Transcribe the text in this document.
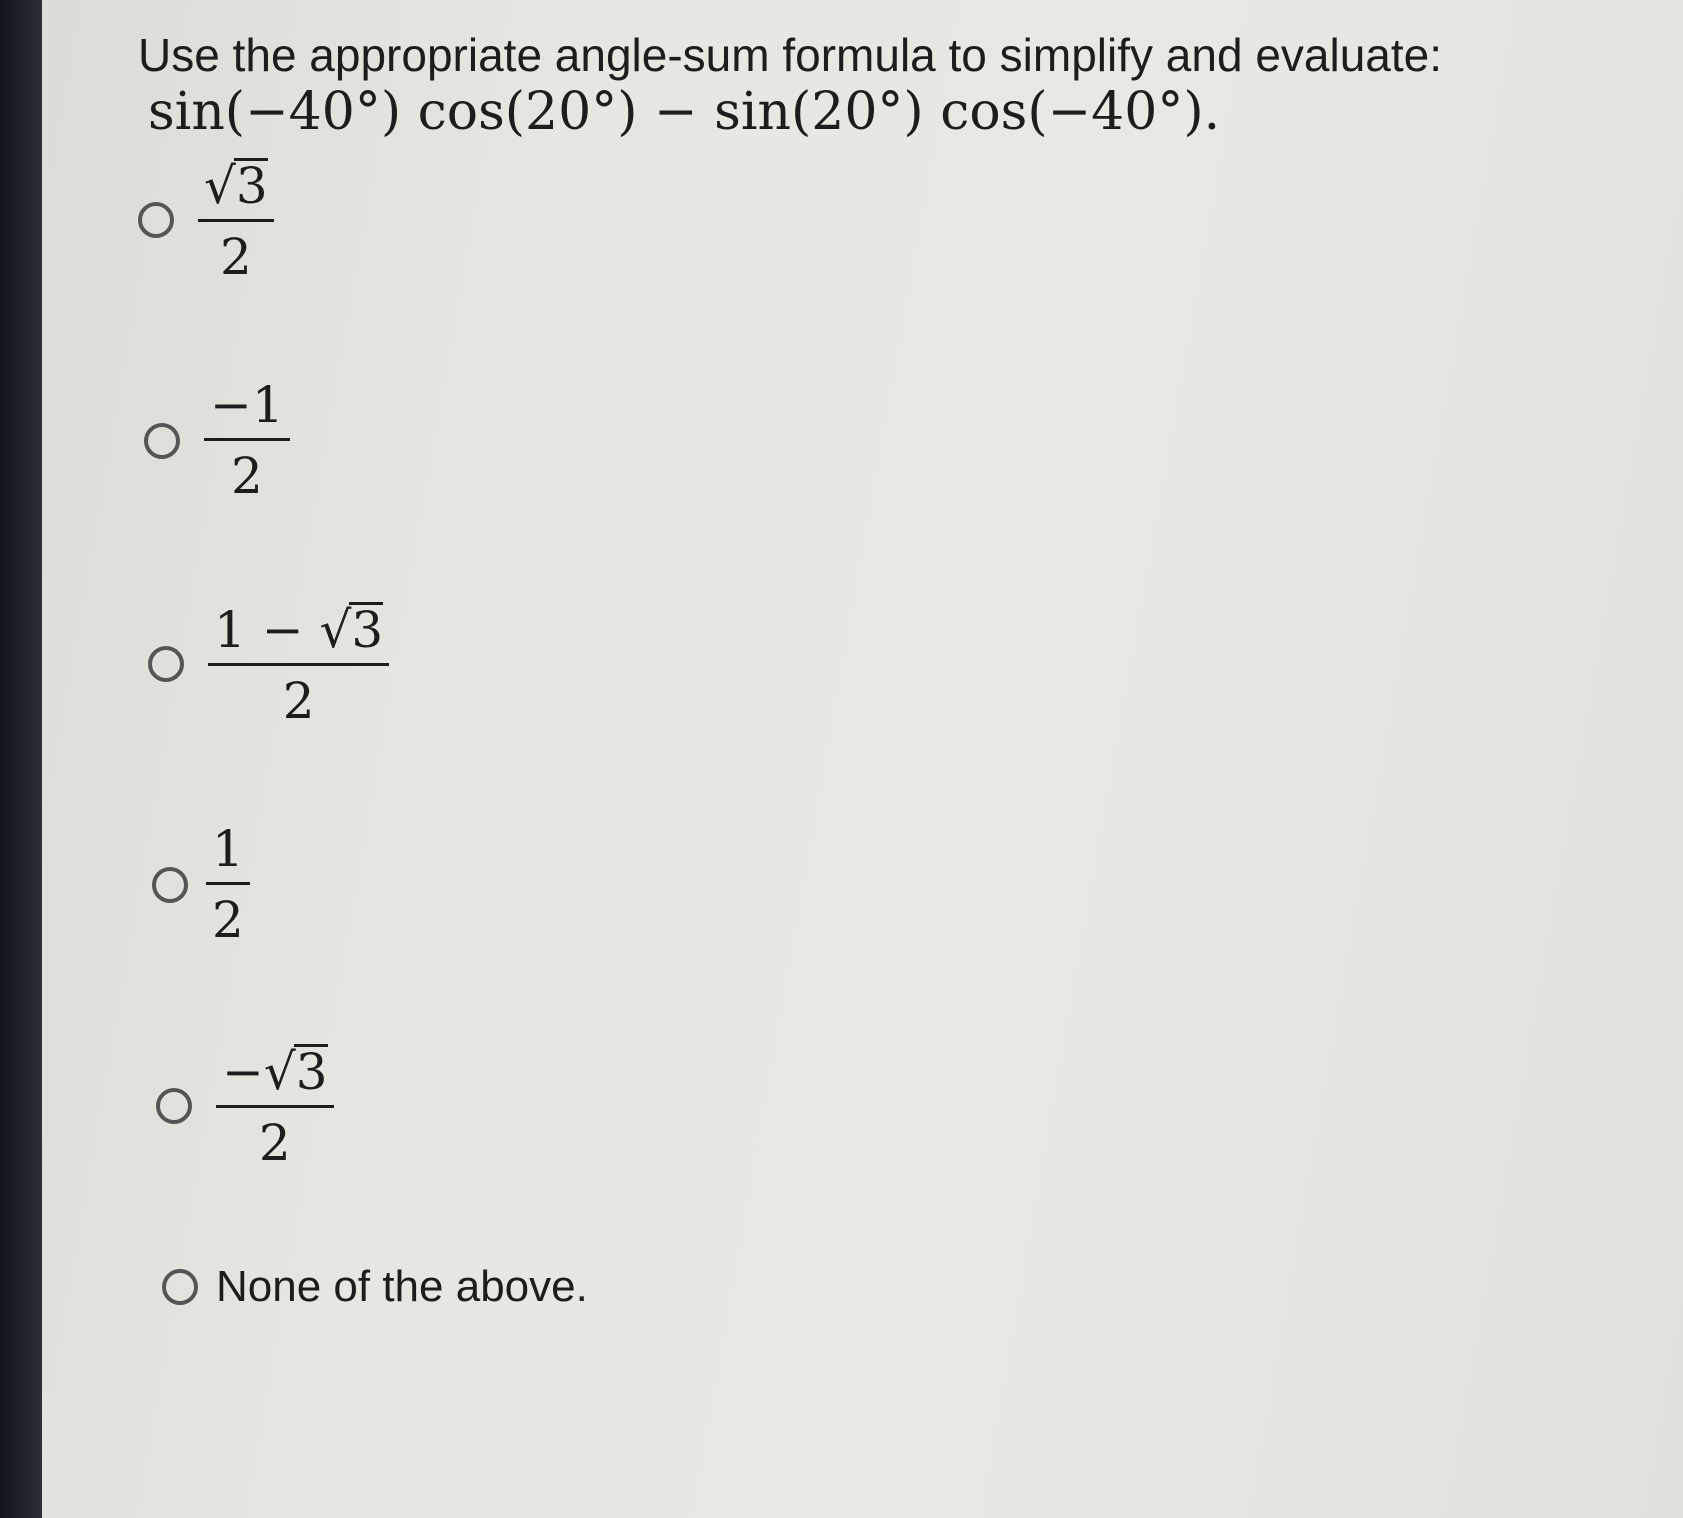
Use the appropriate angle-sum formula to simplify and evaluate:
sin(−40°) cos(20°) − sin(20°) cos(−40°).
$\frac{√ 3}{2}$
$\frac{-1}{2}$
$\frac{1 - √ 3}{2}$
$\frac{1}{2}$
$\frac{- √ 3}{2}$
None of the above.
